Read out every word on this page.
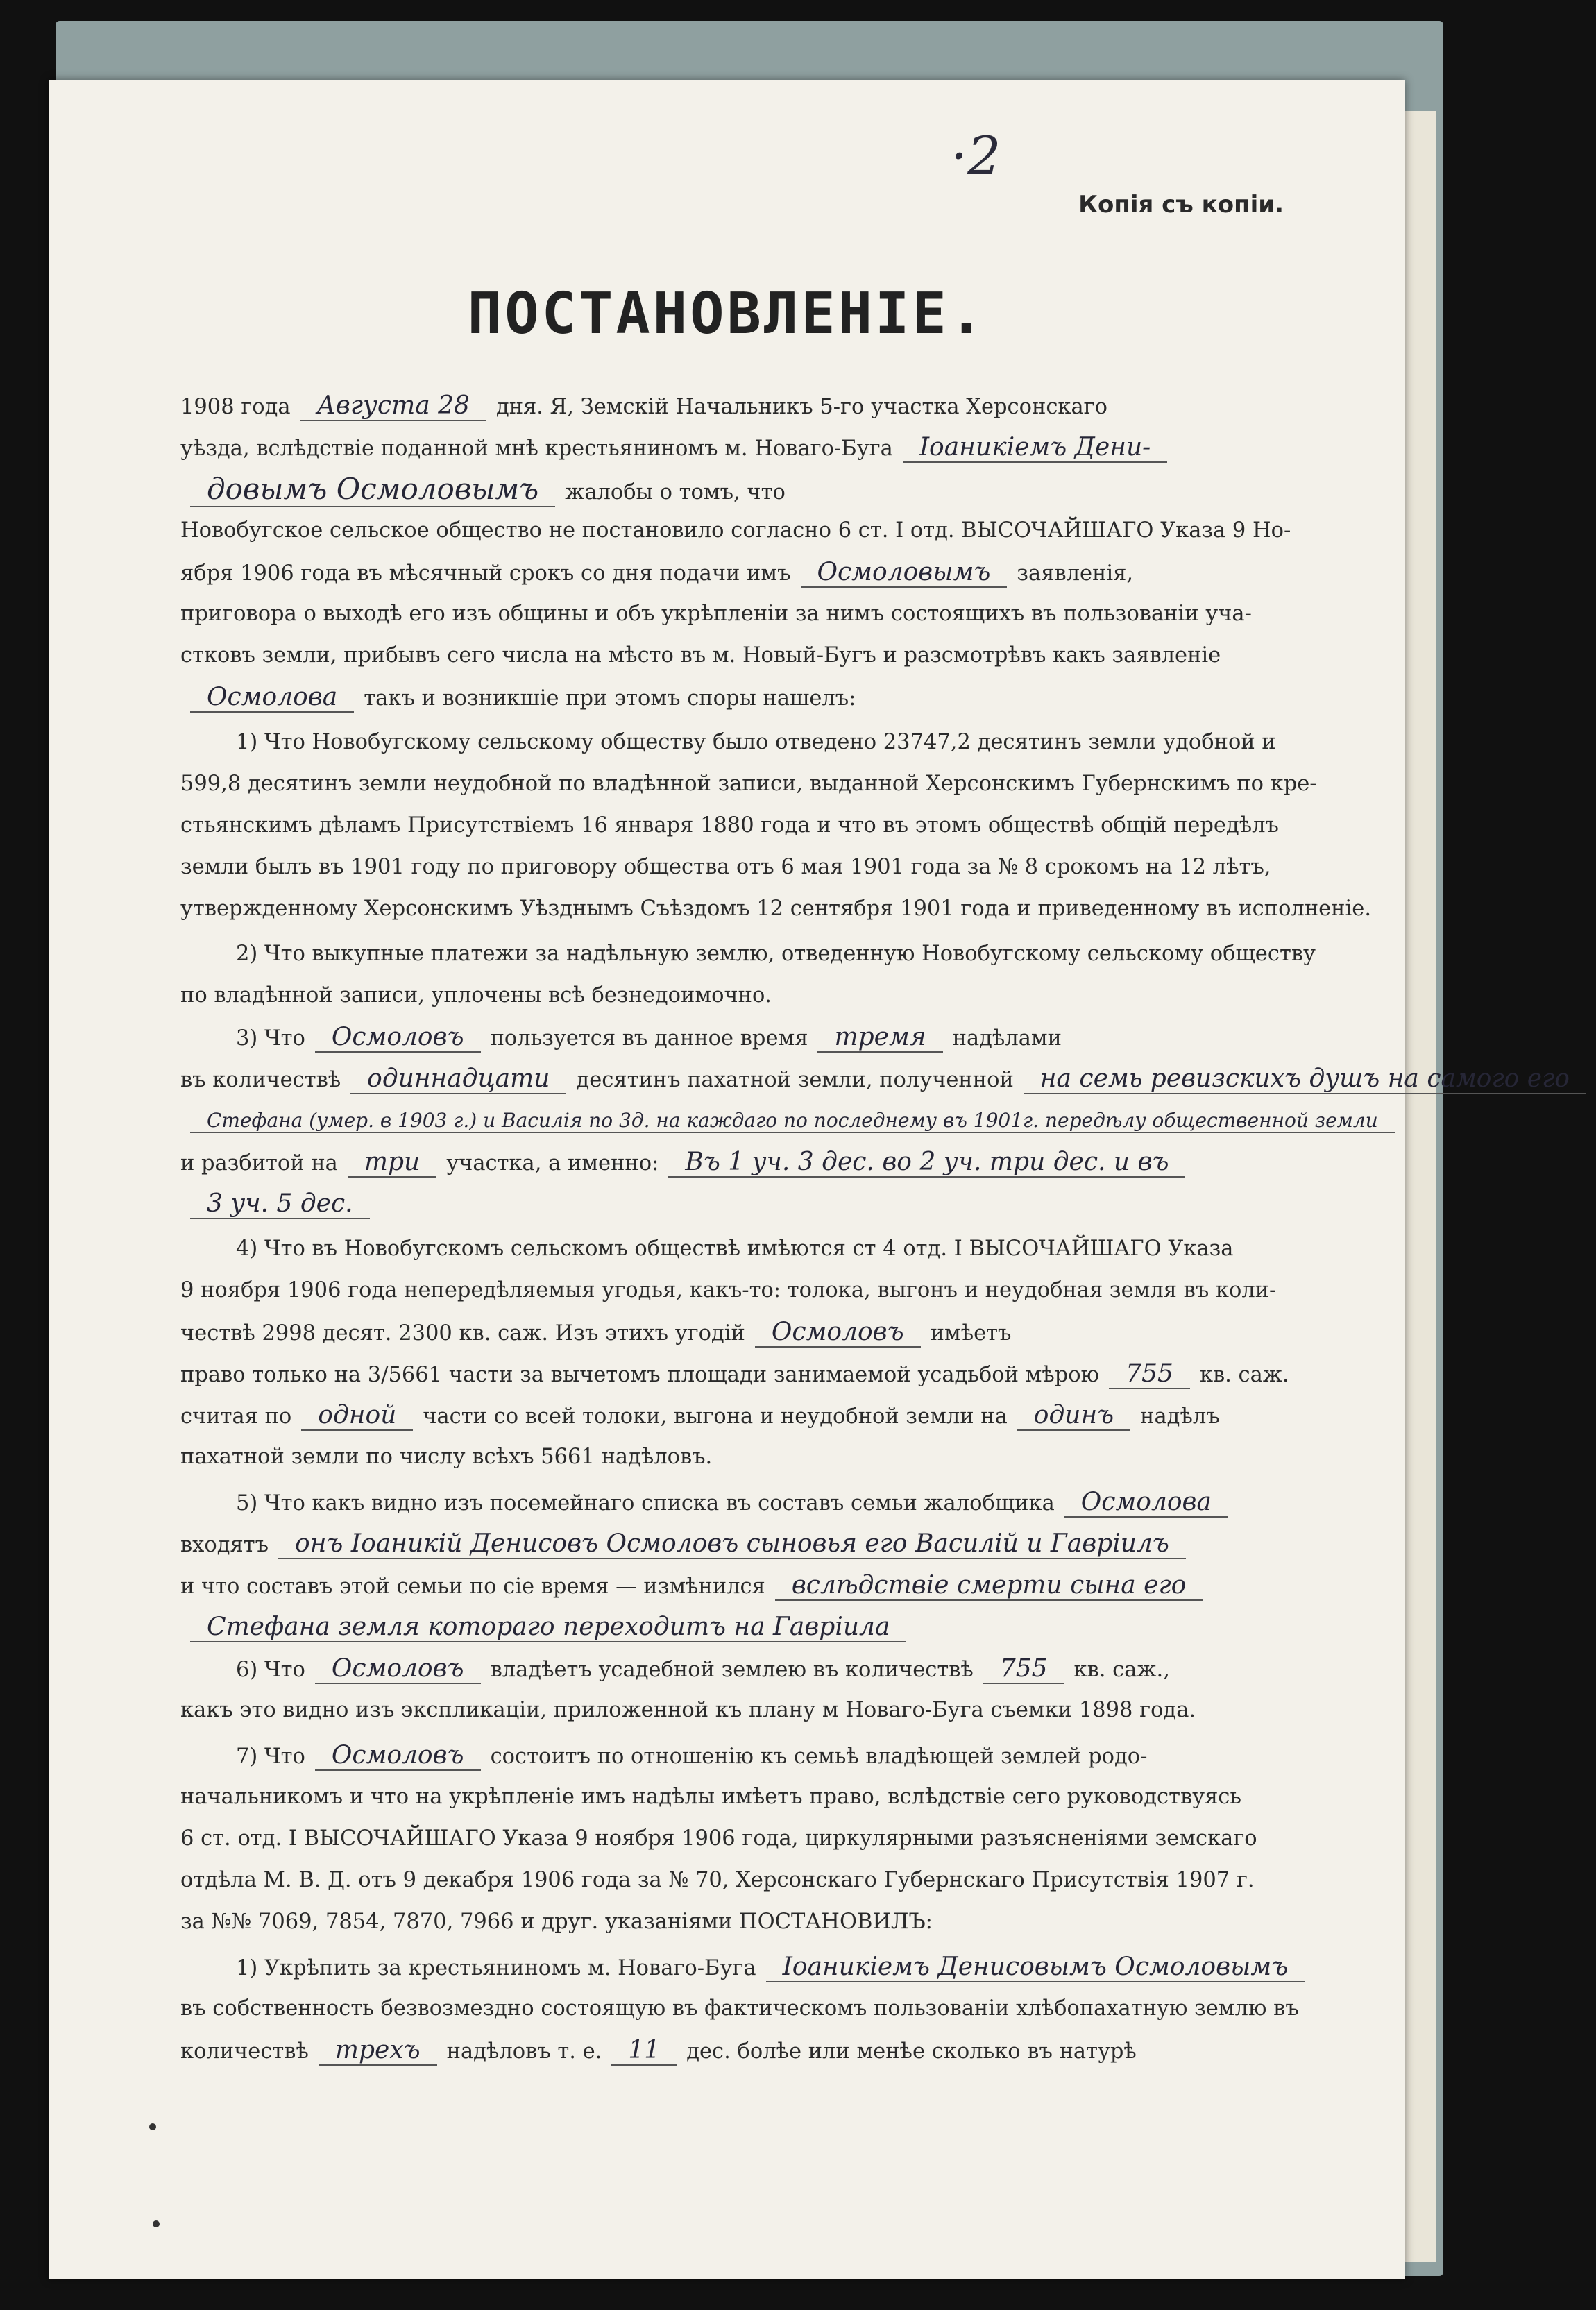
·2
Копія съ копіи.
ПОСТАНОВЛЕНІЕ.
1908 года Августа 28 дня. Я, Земскій Начальникъ 5-го участка Херсонскаго
уѣзда, вслѣдствіе поданной мнѣ крестьяниномъ м. Новаго-Буга Іоаникіемъ Дени-
довымъ Осмоловымъ жалобы о томъ, что
Новобугское сельское общество не постановило согласно 6 ст. I отд. ВЫСОЧАЙШАГО Указа 9 Но-
ября 1906 года въ мѣсячный срокъ со дня подачи имъ Осмоловымъ заявленія,
приговора о выходѣ его изъ общины и объ укрѣпленіи за нимъ состоящихъ въ пользованіи уча-
стковъ земли, прибывъ сего числа на мѣсто въ м. Новый-Бугъ и разсмотрѣвъ какъ заявленіе
Осмолова такъ и возникшіе при этомъ споры нашелъ:
1) Что Новобугскому сельскому обществу было отведено 23747,2 десятинъ земли удобной и
599,8 десятинъ земли неудобной по владѣнной записи, выданной Херсонскимъ Губернскимъ по кре-
стьянскимъ дѣламъ Присутствіемъ 16 января 1880 года и что въ этомъ обществѣ общій передѣлъ
земли былъ въ 1901 году по приговору общества отъ 6 мая 1901 года за № 8 срокомъ на 12 лѣтъ,
утвержденному Херсонскимъ Уѣзднымъ Съѣздомъ 12 сентября 1901 года и приведенному въ исполненіе.
2) Что выкупные платежи за надѣльную землю, отведенную Новобугскому сельскому обществу
по владѣнной записи, уплочены всѣ безнедоимочно.
3) Что Осмоловъ пользуется въ данное время тремя надѣлами
въ количествѣ одиннадцати десятинъ пахатной земли, полученной на семь ревизскихъ душъ на самого его
Стефана (умер. в 1903 г.) и Василія по 3д. на каждаго по последнему въ 1901г. передѣлу общественной земли
и разбитой на три участка, а именно: Въ 1 уч. 3 дес. во 2 уч. три дес. и въ
3 уч. 5 дес.
4) Что въ Новобугскомъ сельскомъ обществѣ имѣются ст 4 отд. I ВЫСОЧАЙШАГО Указа
9 ноября 1906 года непередѣляемыя угодья, какъ-то: толока, выгонъ и неудобная земля въ коли-
чествѣ 2998 десят. 2300 кв. саж. Изъ этихъ угодій Осмоловъ имѣетъ
право только на 3/5661 части за вычетомъ площади занимаемой усадьбой мѣрою 755 кв. саж.
считая по одной части со всей толоки, выгона и неудобной земли на одинъ надѣлъ
пахатной земли по числу всѣхъ 5661 надѣловъ.
5) Что какъ видно изъ посемейнаго списка въ составъ семьи жалобщика Осмолова
входятъ онъ Іоаникій Денисовъ Осмоловъ сыновья его Василій и Гавріилъ
и что составъ этой семьи по сіе время — измѣнился вслѣдствіе смерти сына его
Стефана земля котораго переходитъ на Гавріила
6) Что Осмоловъ владѣетъ усадебной землею въ количествѣ 755 кв. саж.,
какъ это видно изъ экспликаціи, приложенной къ плану м Новаго-Буга съемки 1898 года.
7) Что Осмоловъ состоитъ по отношенію къ семьѣ владѣющей землей родо-
начальникомъ и что на укрѣпленіе имъ надѣлы имѣетъ право, вслѣдствіе сего руководствуясь
6 ст. отд. I ВЫСОЧАЙШАГО Указа 9 ноября 1906 года, циркулярными разъясненіями земскаго
отдѣла М. В. Д. отъ 9 декабря 1906 года за № 70, Херсонскаго Губернскаго Присутствія 1907 г.
за №№ 7069, 7854, 7870, 7966 и друг. указаніями ПОСТАНОВИЛЪ:
1) Укрѣпить за крестьяниномъ м. Новаго-Буга Іоаникіемъ Денисовымъ Осмоловымъ
въ собственность безвозмездно состоящую въ фактическомъ пользованіи хлѣбопахатную землю въ
количествѣ трехъ надѣловъ т. е. 11 дес. болѣе или менѣе сколько въ натурѣ
